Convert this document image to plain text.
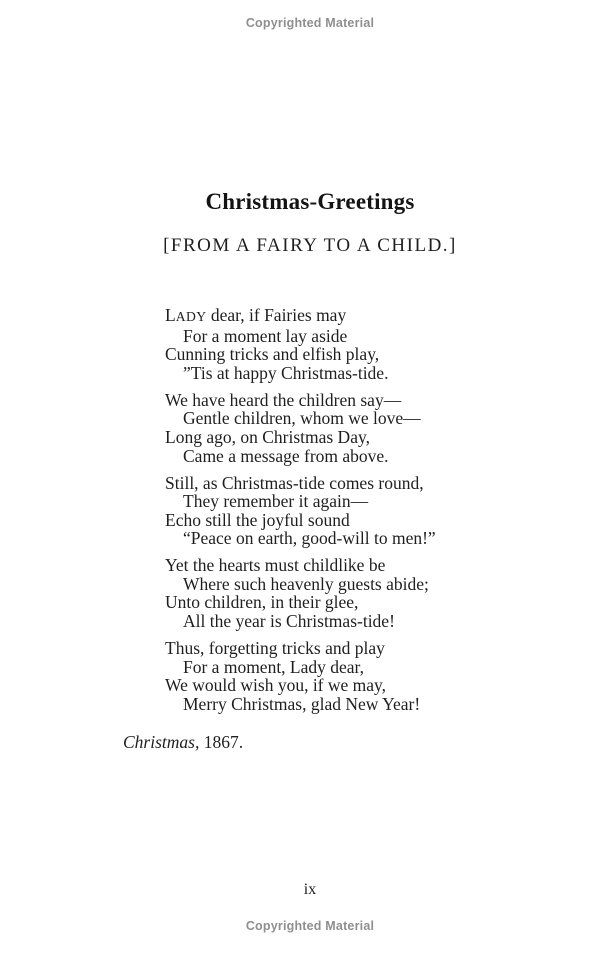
Copyrighted Material
Christmas-Greetings
[FROM A FAIRY TO A CHILD.]
LADY dear, if Fairies may
For a moment lay aside
Cunning tricks and elfish play,
”Tis at happy Christmas-tide.
We have heard the children say—
Gentle children, whom we love—
Long ago, on Christmas Day,
Came a message from above.
Still, as Christmas-tide comes round,
They remember it again—
Echo still the joyful sound
“Peace on earth, good-will to men!”
Yet the hearts must childlike be
Where such heavenly guests abide;
Unto children, in their glee,
All the year is Christmas-tide!
Thus, forgetting tricks and play
For a moment, Lady dear,
We would wish you, if we may,
Merry Christmas, glad New Year!
Christmas, 1867.
ix
Copyrighted Material
